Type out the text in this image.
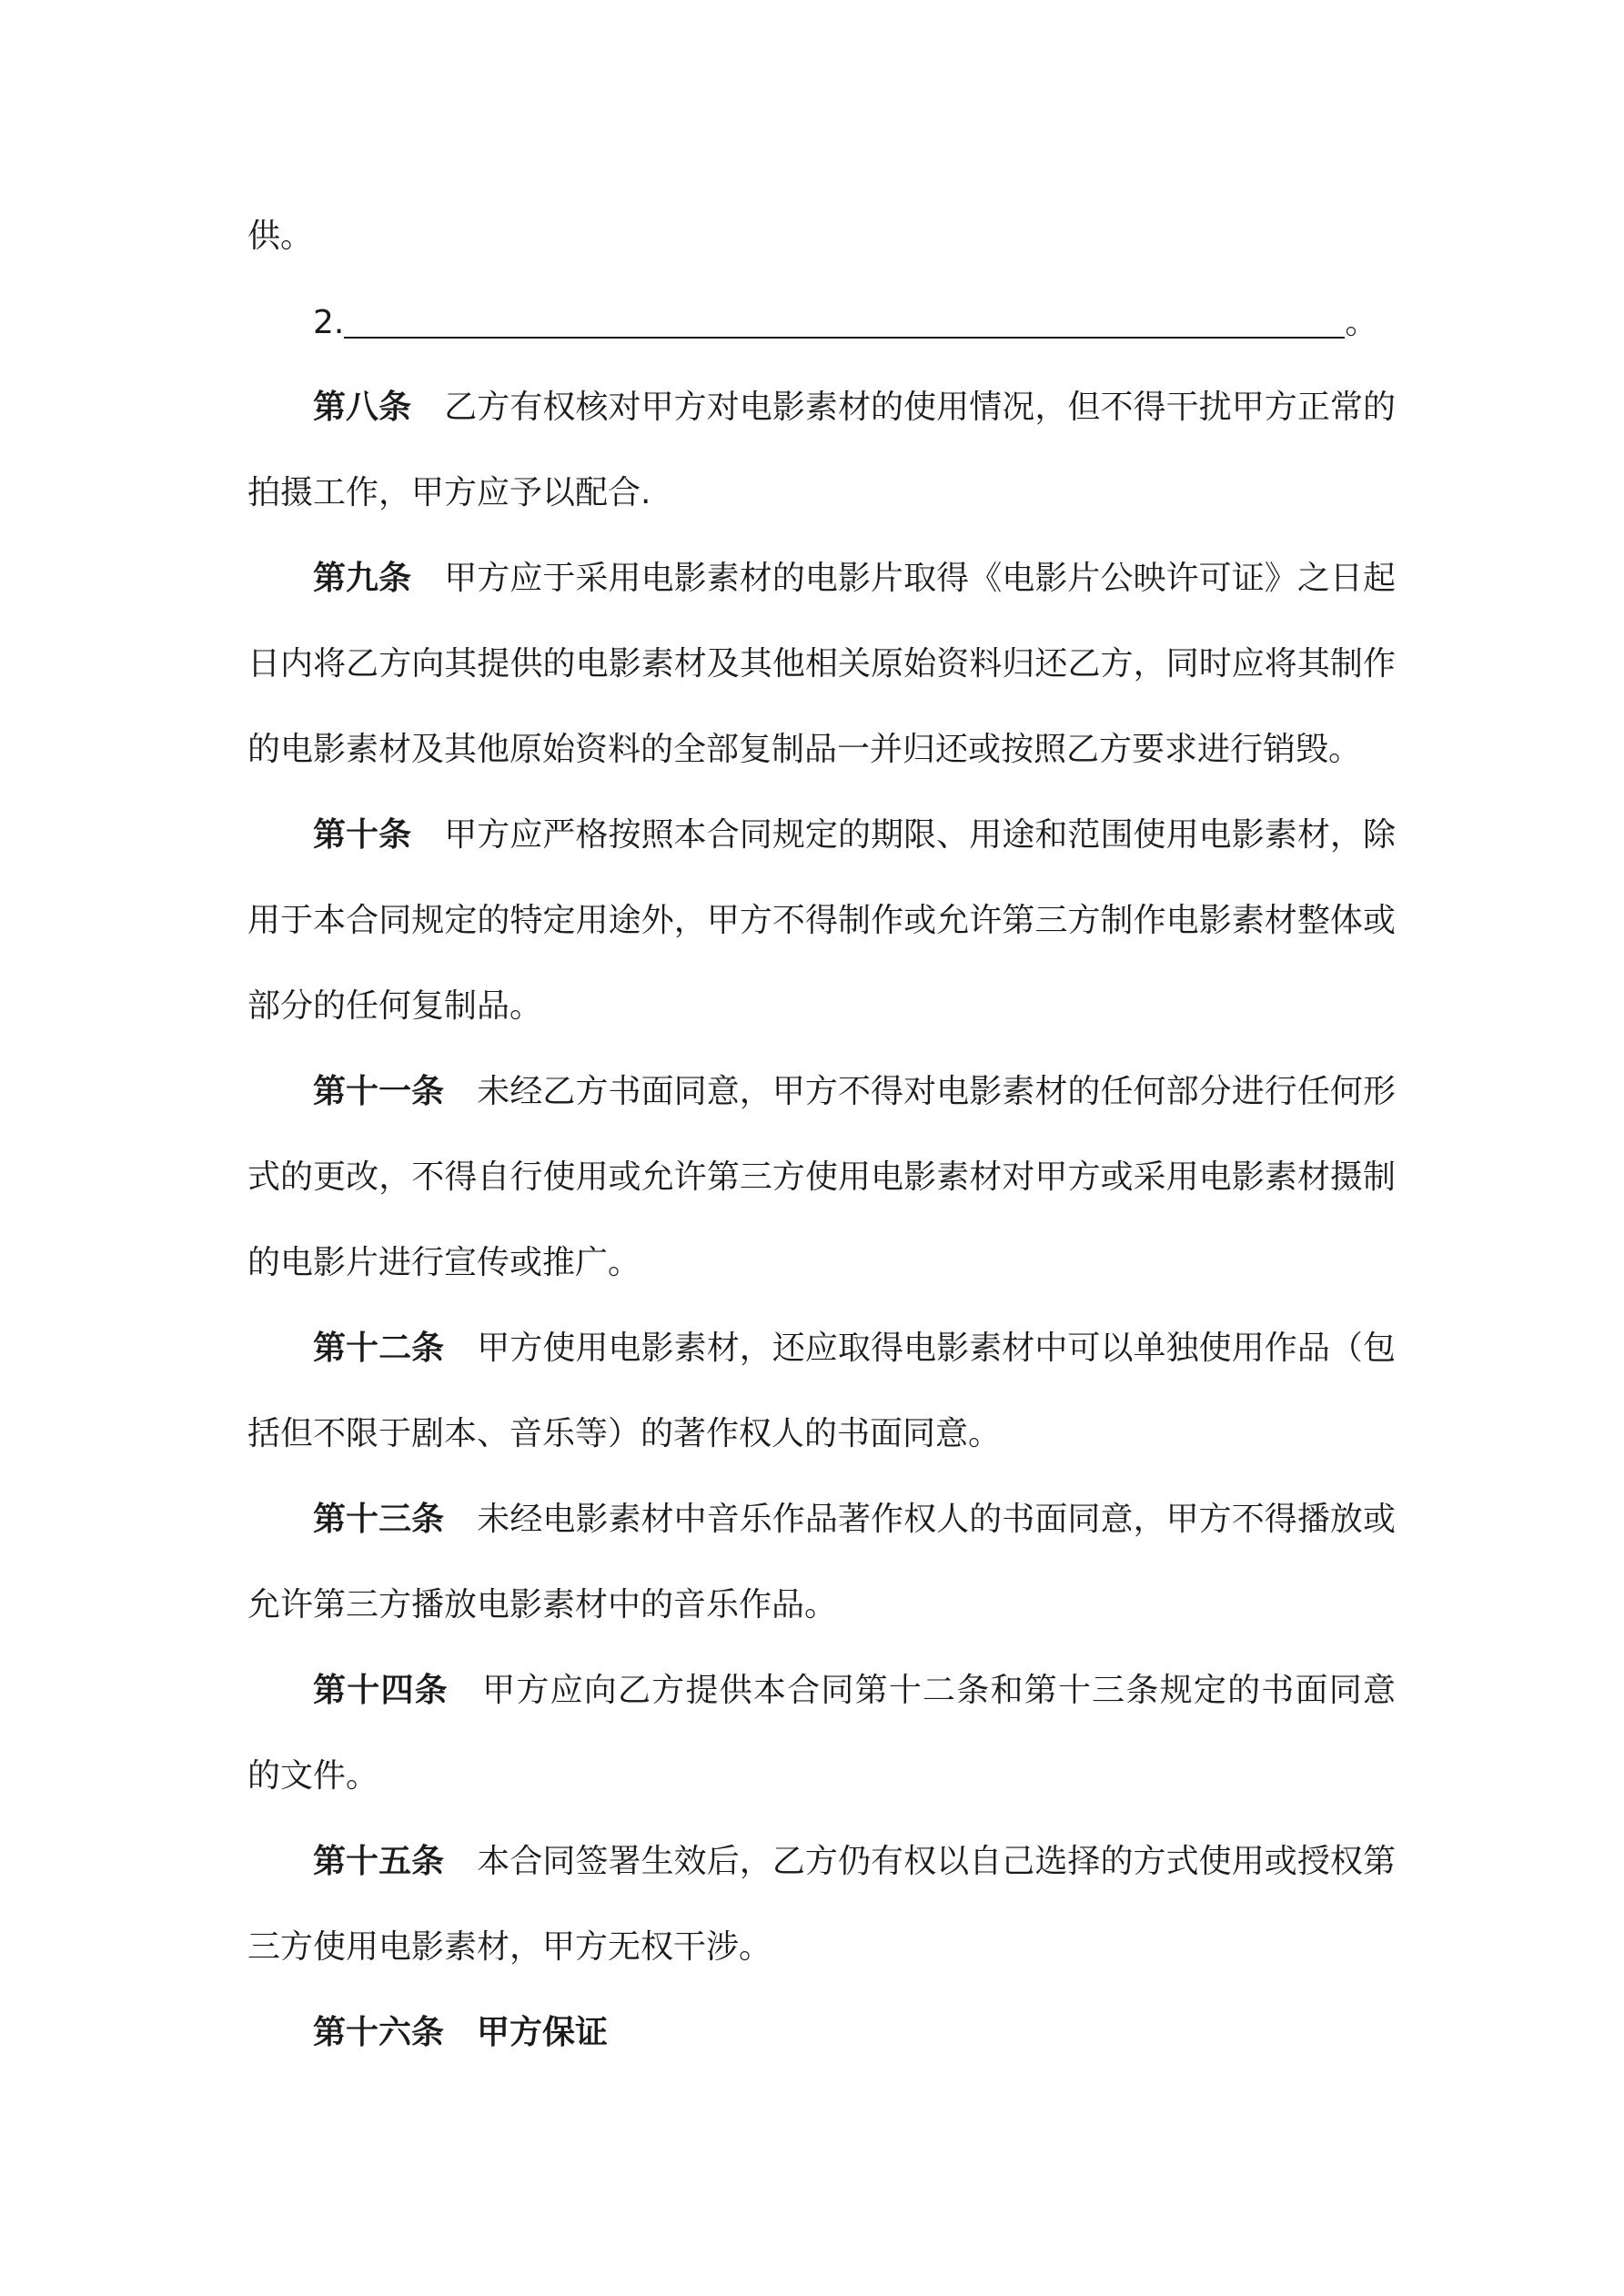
供。
2.	。
第八条 乙方有权核对甲方对电影素材的使用情况，但不得干扰甲方正常的
拍摄工作，甲方应予以配合.
第九条 甲方应于采用电影素材的电影片取得《电影片公映许可证》之日起
日内将乙方向其提供的电影素材及其他相关原始资料归还乙方，同时应将其制作
的电影素材及其他原始资料的全部复制品一并归还或按照乙方要求进行销毁。
第十条 甲方应严格按照本合同规定的期限、用途和范围使用电影素材，除
用于本合同规定的特定用途外，甲方不得制作或允许第三方制作电影素材整体或
部分的任何复制品。
第十一条 未经乙方书面同意，甲方不得对电影素材的任何部分进行任何形
式的更改，不得自行使用或允许第三方使用电影素材对甲方或采用电影素材摄制
的电影片进行宣传或推广。
第十二条 甲方使用电影素材，还应取得电影素材中可以单独使用作品（包
括但不限于剧本、音乐等）的著作权人的书面同意。
第十三条 未经电影素材中音乐作品著作权人的书面同意，甲方不得播放或
允许第三方播放电影素材中的音乐作品。
第十四条 甲方应向乙方提供本合同第十二条和第十三条规定的书面同意
的文件。
第十五条 本合同签署生效后，乙方仍有权以自己选择的方式使用或授权第
三方使用电影素材，甲方无权干涉。
第十六条 甲方保证
